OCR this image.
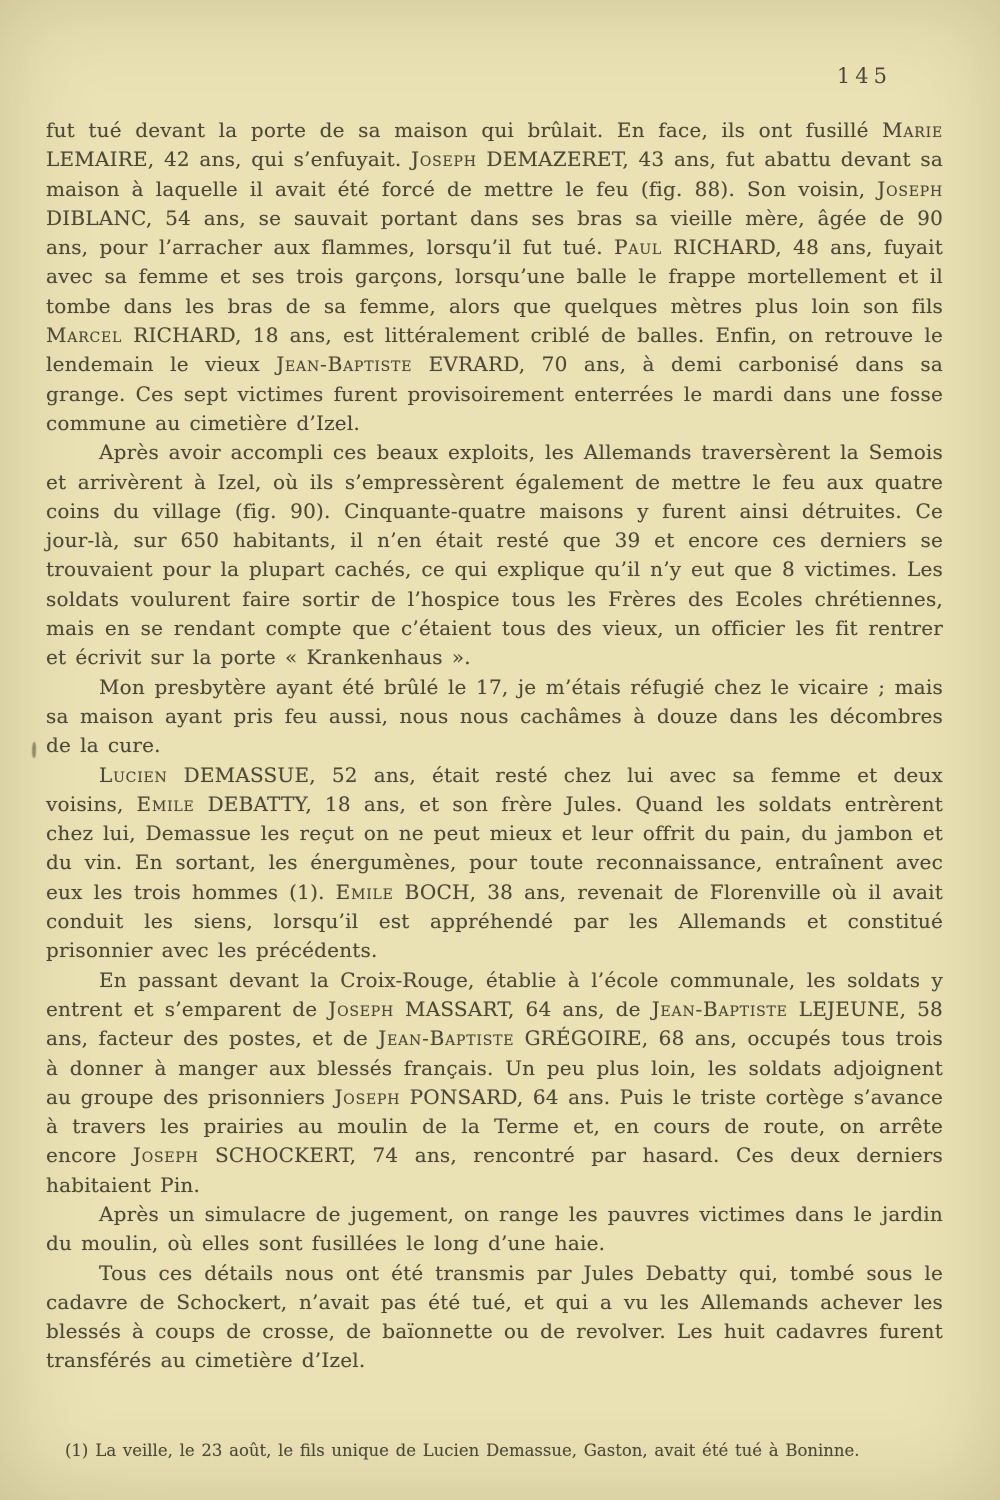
145

fut tué devant la porte de sa maison qui brûlait. En face, ils ont fusillé Marie LEMAIRE, 42 ans, qui s’enfuyait. Joseph DEMAZERET, 43 ans, fut abattu devant sa maison à laquelle il avait été forcé de mettre le feu (fig. 88). Son voisin, Joseph DIBLANC, 54 ans, se sauvait portant dans ses bras sa vieille mère, âgée de 90 ans, pour l’arracher aux flammes, lorsqu’il fut tué. Paul RICHARD, 48 ans, fuyait avec sa femme et ses trois garçons, lorsqu’une balle le frappe mortellement et il tombe dans les bras de sa femme, alors que quelques mètres plus loin son fils Marcel RICHARD, 18 ans, est littéralement criblé de balles. Enfin, on retrouve le lendemain le vieux Jean-Baptiste EVRARD, 70 ans, à demi carbonisé dans sa grange. Ces sept victimes furent provisoirement enterrées le mardi dans une fosse commune au cimetière d’Izel.

Après avoir accompli ces beaux exploits, les Allemands traversèrent la Semois et arrivèrent à Izel, où ils s’empressèrent également de mettre le feu aux quatre coins du village (fig. 90). Cinquante-quatre maisons y furent ainsi détruites. Ce jour-là, sur 650 habitants, il n’en était resté que 39 et encore ces derniers se trouvaient pour la plupart cachés, ce qui explique qu’il n’y eut que 8 victimes. Les soldats voulurent faire sortir de l’hospice tous les Frères des Ecoles chrétiennes, mais en se rendant compte que c’étaient tous des vieux, un officier les fit rentrer et écrivit sur la porte « Krankenhaus ».

Mon presbytère ayant été brûlé le 17, je m’étais réfugié chez le vicaire ; mais sa maison ayant pris feu aussi, nous nous cachâmes à douze dans les décombres de la cure.

Lucien DEMASSUE, 52 ans, était resté chez lui avec sa femme et deux voisins, Emile DEBATTY, 18 ans, et son frère Jules. Quand les soldats entrèrent chez lui, Demassue les reçut on ne peut mieux et leur offrit du pain, du jambon et du vin. En sortant, les énergumènes, pour toute reconnaissance, entraînent avec eux les trois hommes (1). Emile BOCH, 38 ans, revenait de Florenville où il avait conduit les siens, lorsqu’il est appréhendé par les Allemands et constitué prisonnier avec les précédents.

En passant devant la Croix-Rouge, établie à l’école communale, les soldats y entrent et s’emparent de Joseph MASSART, 64 ans, de Jean-Baptiste LEJEUNE, 58 ans, facteur des postes, et de Jean-Baptiste GRÉGOIRE, 68 ans, occupés tous trois à donner à manger aux blessés français. Un peu plus loin, les soldats adjoignent au groupe des prisonniers Joseph PONSARD, 64 ans. Puis le triste cortège s’avance à travers les prairies au moulin de la Terme et, en cours de route, on arrête encore Joseph SCHOCKERT, 74 ans, rencontré par hasard. Ces deux derniers habitaient Pin.

Après un simulacre de jugement, on range les pauvres victimes dans le jardin du moulin, où elles sont fusillées le long d’une haie.

Tous ces détails nous ont été transmis par Jules Debatty qui, tombé sous le cadavre de Schockert, n’avait pas été tué, et qui a vu les Allemands achever les blessés à coups de crosse, de baïonnette ou de revolver. Les huit cadavres furent transférés au cimetière d’Izel.

(1) La veille, le 23 août, le fils unique de Lucien Demassue, Gaston, avait été tué à Boninne.
